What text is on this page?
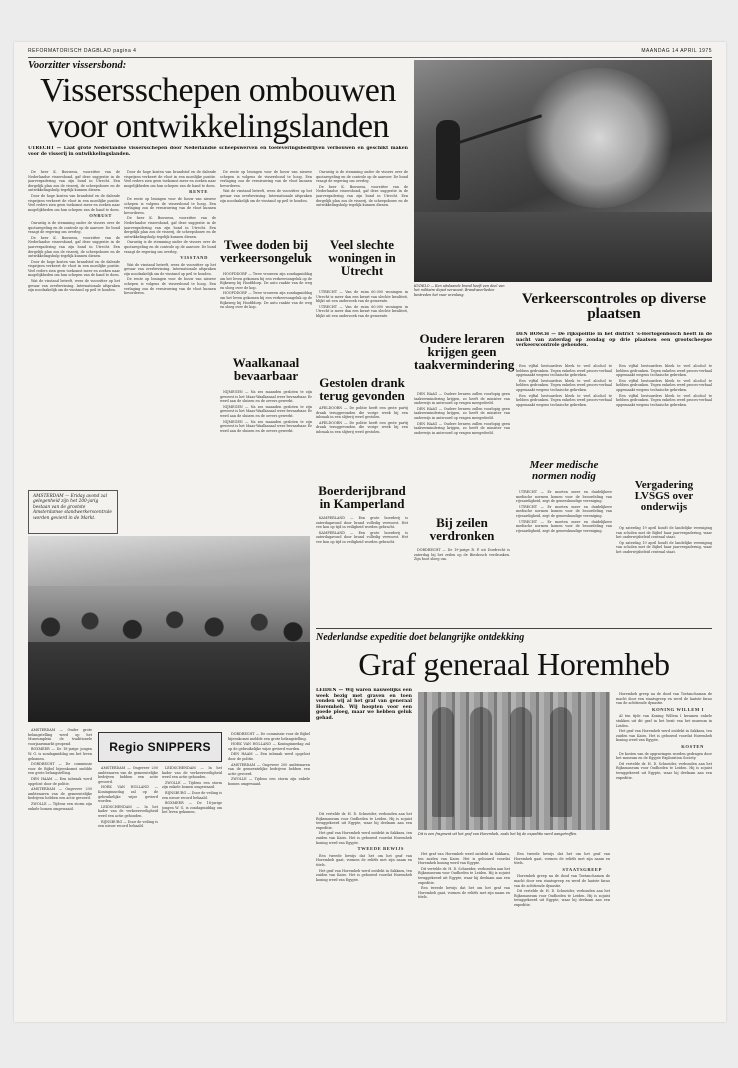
REFORMATORISCH DAGBLAD pagina 4	MAANDAG 14 APRIL 1975
Voorzitter vissersbond:
Vissersschepen ombouwen
voor ontwikkelingslanden
UTRECHT — Laat grote Nederlandse vissersschepen door Nederlandse scheepswerven en toeleveringsbedrijven verbouwen en geschikt maken voor de visserij in ontwikkelingslanden.

De heer K. Bouwens, voorzitter van de Nederlandse vissersbond, gaf deze suggestie in de jaarvergadering van zijn bond in Utrecht. Een dergelijk plan zou de visserij, de scheepsbouw en de ontwikkelingshulp tegelijk kunnen dienen.

Door de hoge kosten van brandstof en de dalende visprijzen verkeert de vloot in een moeilijke positie. Veel reders zien geen toekomst meer en zoeken naar mogelijkheden om hun schepen van de hand te doen.

ONRUST

Onrustig is de stemming onder de vissers over de quotaregeling en de controle op de aanvoer. De bond vraagt de regering om overleg.

De heer K. Bouwens, voorzitter van de Nederlandse vissersbond, gaf deze suggestie in de jaarvergadering van zijn bond in Utrecht. Een dergelijk plan zou de visserij, de scheepsbouw en de ontwikkelingshulp tegelijk kunnen dienen.

Door de hoge kosten van brandstof en de dalende visprijzen verkeert de vloot in een moeilijke positie. Veel reders zien geen toekomst meer en zoeken naar mogelijkheden om hun schepen van de hand te doen.

Wat de visstand betreft, wees de voorzitter op het gevaar van overbevissing. Internationale afspraken zijn noodzakelijk om de visstand op peil te houden.

Door de hoge kosten van brandstof en de dalende visprijzen verkeert de vloot in een moeilijke positie. Veel reders zien geen toekomst meer en zoeken naar mogelijkheden om hun schepen van de hand te doen.

RENTE

De rente op leningen voor de bouw van nieuwe schepen is volgens de vissersbond te hoog. Een verlaging zou de vernieuwing van de vloot kunnen bevorderen.

De heer K. Bouwens, voorzitter van de Nederlandse vissersbond, gaf deze suggestie in de jaarvergadering van zijn bond in Utrecht. Een dergelijk plan zou de visserij, de scheepsbouw en de ontwikkelingshulp tegelijk kunnen dienen.

Onrustig is de stemming onder de vissers over de quotaregeling en de controle op de aanvoer. De bond vraagt de regering om overleg.

VISSTAND

Wat de visstand betreft, wees de voorzitter op het gevaar van overbevissing. Internationale afspraken zijn noodzakelijk om de visstand op peil te houden.

De rente op leningen voor de bouw van nieuwe schepen is volgens de vissersbond te hoog. Een verlaging zou de vernieuwing van de vloot kunnen bevorderen.

AMSTERDAM — Eriday avond zal gelegenheid zijn het 200-jarig bestaan van de grootste Amsterdamse standwerkerscentrale worden gevierd in de Markt.

De rente op leningen voor de bouw van nieuwe schepen is volgens de vissersbond te hoog. Een verlaging zou de vernieuwing van de vloot kunnen bevorderen.

Wat de visstand betreft, wees de voorzitter op het gevaar van overbevissing. Internationale afspraken zijn noodzakelijk om de visstand op peil te houden.

Twee doden bij verkeersongeluk

HOOFDDORP — Twee vrouwen zijn zondagmiddag om het leven gekomen bij een verkeersongeluk op de Rijksweg bij Hoofddorp. De auto raakte van de weg en sloeg over de kop.

HOOFDDORP — Twee vrouwen zijn zondagmiddag om het leven gekomen bij een verkeersongeluk op de Rijksweg bij Hoofddorp. De auto raakte van de weg en sloeg over de kop.

Waalkanaal bevaarbaar

NIJMEGEN — Na zes maanden gesloten te zijn geweest is het Maas-Waalkanaal weer bevaarbaar. Er werd aan de sluizen en de oevers gewerkt.

NIJMEGEN — Na zes maanden gesloten te zijn geweest is het Maas-Waalkanaal weer bevaarbaar. Er werd aan de sluizen en de oevers gewerkt.

NIJMEGEN — Na zes maanden gesloten te zijn geweest is het Maas-Waalkanaal weer bevaarbaar. Er werd aan de sluizen en de oevers gewerkt.

Onrustig is de stemming onder de vissers over de quotaregeling en de controle op de aanvoer. De bond vraagt de regering om overleg.

De heer K. Bouwens, voorzitter van de Nederlandse vissersbond, gaf deze suggestie in de jaarvergadering van zijn bond in Utrecht. Een dergelijk plan zou de visserij, de scheepsbouw en de ontwikkelingshulp tegelijk kunnen dienen.

Veel slechte woningen in Utrecht

UTRECHT — Van de ruim 60.000 woningen in Utrecht is meer dan een kwart van slechte kwaliteit, blijkt uit een onderzoek van de gemeente.

UTRECHT — Van de ruim 60.000 woningen in Utrecht is meer dan een kwart van slechte kwaliteit, blijkt uit een onderzoek van de gemeente.

Gestolen drank terug gevonden

APELDOORN — De politie heeft een grote partij drank teruggevonden die vorige week bij een inbraak in een slijterij werd gestolen.

APELDOORN — De politie heeft een grote partij drank teruggevonden die vorige week bij een inbraak in een slijterij werd gestolen.

Boerderijbrand in Kamperland

KAMPERLAND — Een grote boerderij is zaterdagavond door brand volledig verwoest. Het vee kon op tijd in veiligheid worden gebracht.

KAMPERLAND — Een grote boerderij is zaterdagavond door brand volledig verwoest. Het vee kon op tijd in veiligheid worden gebracht.

KUDELO — Een uitslaande brand heeft een deel van het militaire depot verwoest. Brandweerlieden bestreden het vuur urenlang.
Oudere leraren krijgen geen taakvermindering

DEN HAAG — Oudere leraren zullen voorlopig geen taakvermindering krijgen, zo heeft de minister van onderwijs in antwoord op vragen meegedeeld.

DEN HAAG — Oudere leraren zullen voorlopig geen taakvermindering krijgen, zo heeft de minister van onderwijs in antwoord op vragen meegedeeld.

DEN HAAG — Oudere leraren zullen voorlopig geen taakvermindering krijgen, zo heeft de minister van onderwijs in antwoord op vragen meegedeeld.

Bij zeilen verdronken

DORDRECHT — De 19-jarige R. P. uit Dordrecht is zaterdag bij het zeilen op de Biesbosch verdronken. Zijn boot sloeg om.

Verkeerscontroles op diverse plaatsen
DEN BOSCH — De rijkspolitie in het district 's-Hertogenbosch heeft in de nacht van zaterdag op zondag op drie plaatsen een grootscheepse verkeerscontrole gehouden.

Een vijftal bestuurders bleek te veel alcohol te hebben gedronken. Tegen enkelen werd proces-verbaal opgemaakt wegens technische gebreken.

Een vijftal bestuurders bleek te veel alcohol te hebben gedronken. Tegen enkelen werd proces-verbaal opgemaakt wegens technische gebreken.

Een vijftal bestuurders bleek te veel alcohol te hebben gedronken. Tegen enkelen werd proces-verbaal opgemaakt wegens technische gebreken.

Een vijftal bestuurders bleek te veel alcohol te hebben gedronken. Tegen enkelen werd proces-verbaal opgemaakt wegens technische gebreken.

Een vijftal bestuurders bleek te veel alcohol te hebben gedronken. Tegen enkelen werd proces-verbaal opgemaakt wegens technische gebreken.

Een vijftal bestuurders bleek te veel alcohol te hebben gedronken. Tegen enkelen werd proces-verbaal opgemaakt wegens technische gebreken.

Meer medische normen nodig

UTRECHT — Er moeten meer en duidelijkere medische normen komen voor de beoordeling van rijvaardigheid, zegt de geneeskundige vereniging.

UTRECHT — Er moeten meer en duidelijkere medische normen komen voor de beoordeling van rijvaardigheid, zegt de geneeskundige vereniging.

UTRECHT — Er moeten meer en duidelijkere medische normen komen voor de beoordeling van rijvaardigheid, zegt de geneeskundige vereniging.

Vergadering LVSGS over onderwijs

Op zaterdag 19 april houdt de landelijke vereniging van scholen met de Bijbel haar jaarvergadering, waar het onderwijsbeleid centraal staat.

Op zaterdag 19 april houdt de landelijke vereniging van scholen met de Bijbel haar jaarvergadering, waar het onderwijsbeleid centraal staat.

AMSTERDAM — Onder grote belangstelling werd op het Museumplein de traditionele voorjaarsmarkt geopend.

BOXMEER — De 18-jarige jongen W. G. is zondagmiddag om het leven gekomen.

DORDRECHT — De commissie voor de Bijbel bijeenkomst meldde een grote belangstelling.

DEN HAAM — Een inbraak werd opgelost door de politie.

AMSTERDAM — Ongeveer 200 ambtenaren van de gemeentelijke bedrijven hebben een actie gevoerd.

ZWOLLE — Tijdens een storm zijn enkele bomen omgewaaid.

Regio SNIPPERS

AMSTERDAM — Ongeveer 200 ambtenaren van de gemeentelijke bedrijven hebben een actie gevoerd.

HOEK VAN HOLLAND — Koninginnedag zal op de gebruikelijke wijze gevierd worden.

LEIDSCHENDAM — In het kader van de verkeersveiligheid werd een actie gehouden.

RIJNSBURG — Door de veiling is een nieuw record behaald.

LEIDSCHENDAM — In het kader van de verkeersveiligheid werd een actie gehouden.

ZWOLLE — Tijdens een storm zijn enkele bomen omgewaaid.

RIJNSBURG — Door de veiling is een nieuw record behaald.

BOXMEER — De 18-jarige jongen W. G. is zondagmiddag om het leven gekomen.

DORDRECHT — De commissie voor de Bijbel bijeenkomst meldde een grote belangstelling.

HOEK VAN HOLLAND — Koninginnedag zal op de gebruikelijke wijze gevierd worden.

DEN HAAM — Een inbraak werd opgelost door de politie.

AMSTERDAM — Ongeveer 200 ambtenaren van de gemeentelijke bedrijven hebben een actie gevoerd.

ZWOLLE — Tijdens een storm zijn enkele bomen omgewaaid.

Nederlandse expeditie doet belangrijke ontdekking
Graf generaal Horemheb
LEIDEN — Wij waren nauwelijks een week bezig met graven en toen vonden wij al het graf van generaal Horemheb. Wij hoopten voor een goede ploeg, maar we hebben geluk gehad.

Dit vertelde dr. H. D. Schneider, verbonden aan het Rijksmuseum voor Oudheden te Leiden. Hij is zojuist teruggekeerd uit Egypte, waar hij deelnam aan een expeditie.

Het graf van Horemheb werd ontdekt in Sakkara, ten zuiden van Kairo. Het is gebouwd voordat Horemheb koning werd van Egypte.

TWEEDE BEWIJS

Een tweede bewijs dat het om het graf van Horemheb gaat, vormen de reliëfs met zijn naam en titels.

Het graf van Horemheb werd ontdekt in Sakkara, ten zuiden van Kairo. Het is gebouwd voordat Horemheb koning werd van Egypte.

Dit is een fragment uit het graf van Horemheb, zoals het bij de expeditie werd aangetroffen.

Het graf van Horemheb werd ontdekt in Sakkara, ten zuiden van Kairo. Het is gebouwd voordat Horemheb koning werd van Egypte.

Dit vertelde dr. H. D. Schneider, verbonden aan het Rijksmuseum voor Oudheden te Leiden. Hij is zojuist teruggekeerd uit Egypte, waar hij deelnam aan een expeditie.

Een tweede bewijs dat het om het graf van Horemheb gaat, vormen de reliëfs met zijn naam en titels.

Een tweede bewijs dat het om het graf van Horemheb gaat, vormen de reliëfs met zijn naam en titels.

STAATSGREEP

Horemheb greep na de dood van Toetanchamon de macht door een staatsgreep en werd de laatste farao van de achttiende dynastie.

Dit vertelde dr. H. D. Schneider, verbonden aan het Rijksmuseum voor Oudheden te Leiden. Hij is zojuist teruggekeerd uit Egypte, waar hij deelnam aan een expeditie.

Horemheb greep na de dood van Toetanchamon de macht door een staatsgreep en werd de laatste farao van de achttiende dynastie.

KONING WILLEM I

Al ten tijde van Koning Willem I kwamen enkele stukken uit dit graf in het bezit van het museum in Leiden.

Het graf van Horemheb werd ontdekt in Sakkara, ten zuiden van Kairo. Het is gebouwd voordat Horemheb koning werd van Egypte.

KOSTEN

De kosten van de opgravingen worden gedragen door het museum en de Egypte Exploration Society.

Dit vertelde dr. H. D. Schneider, verbonden aan het Rijksmuseum voor Oudheden te Leiden. Hij is zojuist teruggekeerd uit Egypte, waar hij deelnam aan een expeditie.
